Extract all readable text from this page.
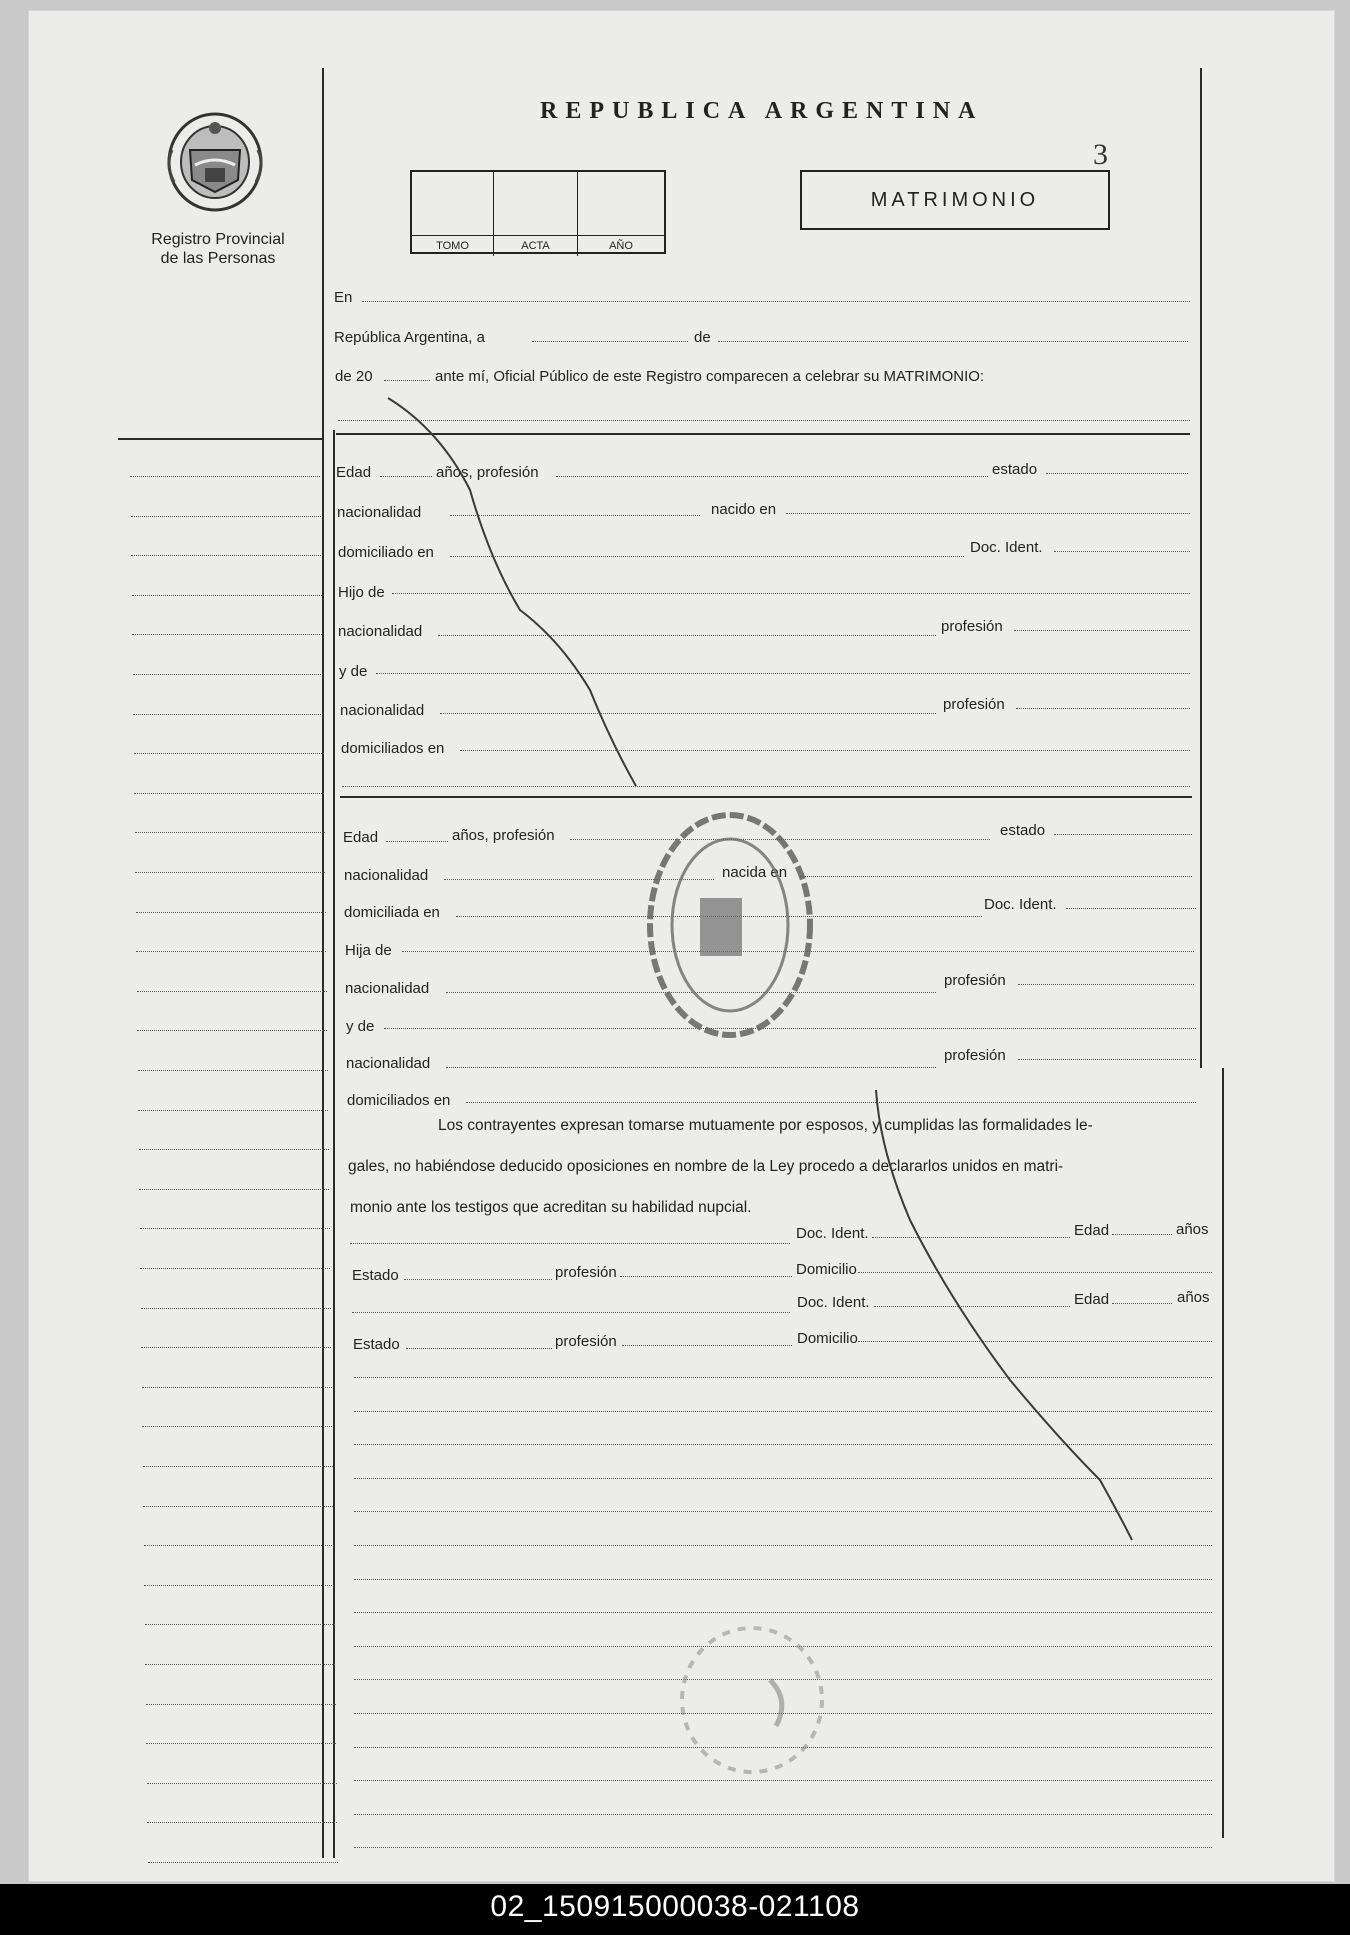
Registro Provincial
de las Personas
REPUBLICA ARGENTINA
3
TOMO	ACTA	AÑO
MATRIMONIO
En
República Argentina, a	de
de 20	ante mí, Oficial Público de este Registro comparecen a celebrar su MATRIMONIO:
Edad	años, profesión	estado
nacionalidad	nacido en
domiciliado en	Doc. Ident.
Hijo de
nacionalidad	profesión
y de
nacionalidad	profesión
domiciliados en
Edad	años, profesión	estado
nacionalidad	nacida en
domiciliada en	Doc. Ident.
Hija de
nacionalidad	profesión
y de
nacionalidad	profesión
domiciliados en
Los contrayentes expresan tomarse mutuamente por esposos, y cumplidas las formalidades le-
gales, no habiéndose deducido oposiciones en nombre de la Ley procedo a declararlos unidos en matri-
monio ante los testigos que acreditan su habilidad nupcial.
Doc. Ident.	Edad	años
Estado	profesión	Domicilio
Doc. Ident.	Edad	años
Estado	profesión	Domicilio
02_150915000038-021108
